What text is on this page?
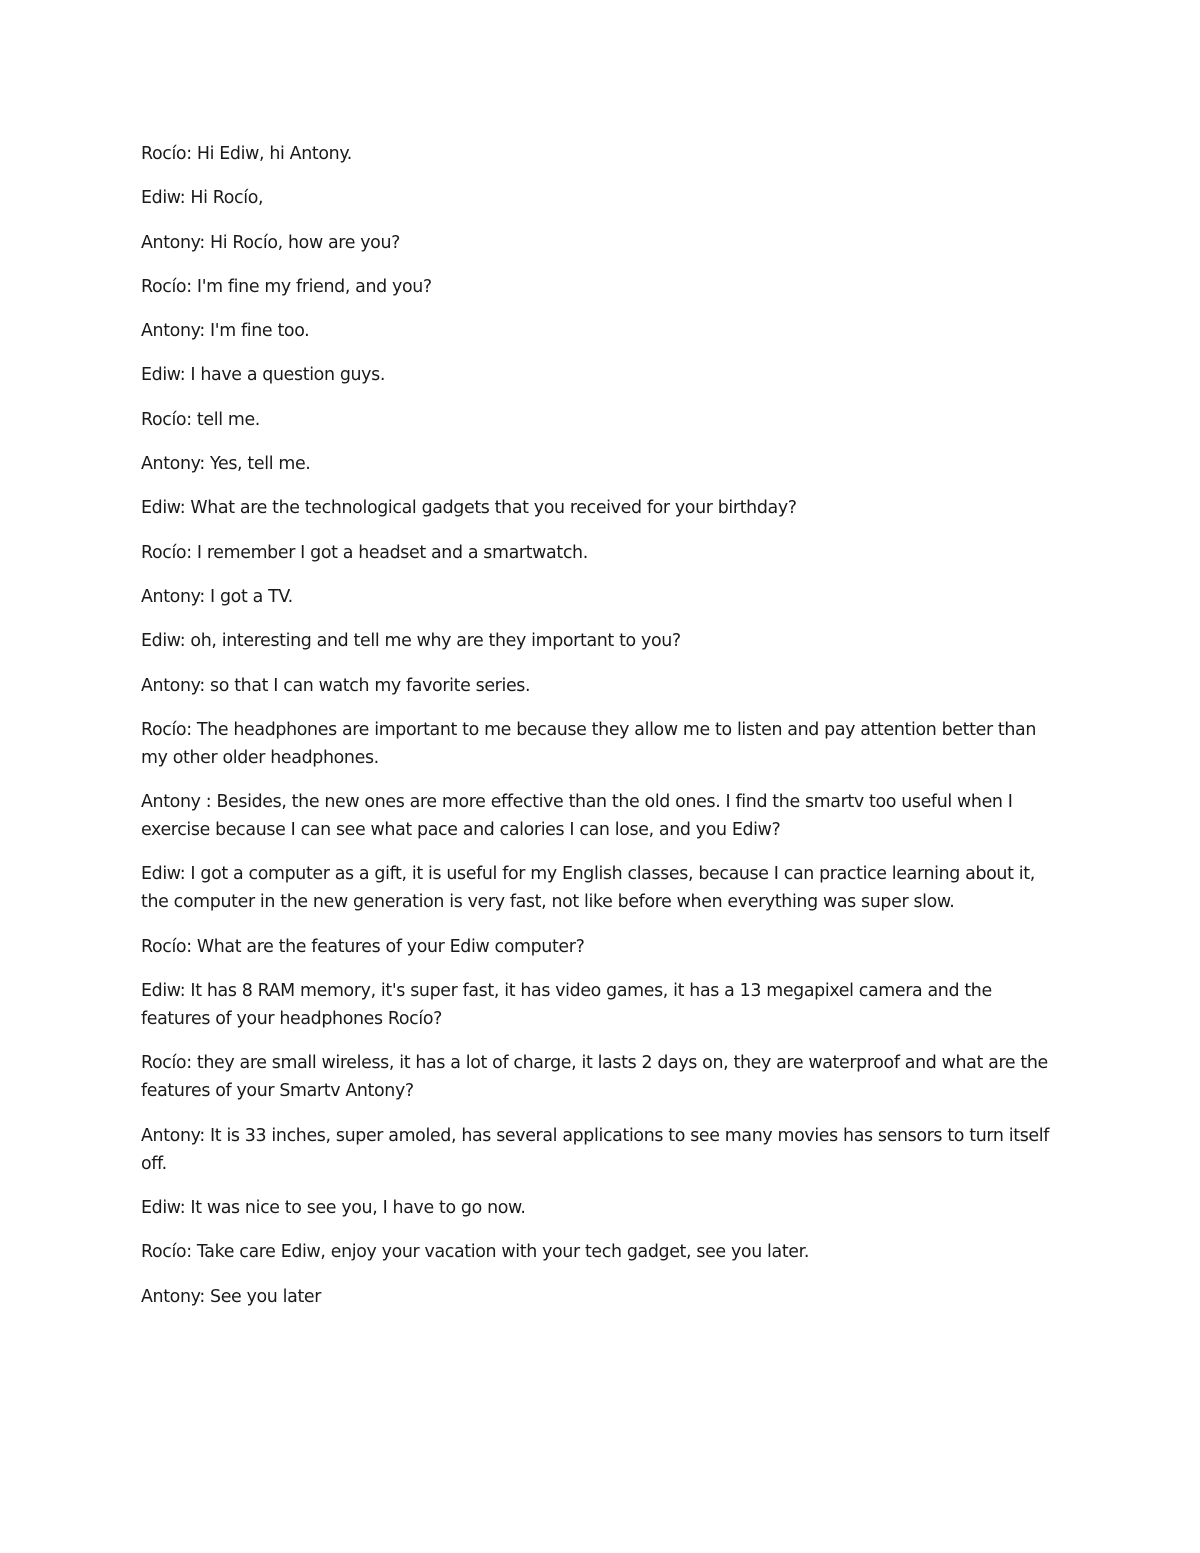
Rocío: Hi Ediw, hi Antony.

Ediw: Hi Rocío,

Antony: Hi Rocío, how are you?

Rocío: I'm fine my friend, and you?

Antony: I'm fine too.

Ediw: I have a question guys.

Rocío: tell me.

Antony: Yes, tell me.

Ediw: What are the technological gadgets that you received for your birthday?

Rocío: I remember I got a headset and a smartwatch.

Antony: I got a TV.

Ediw: oh, interesting and tell me why are they important to you?

Antony: so that I can watch my favorite series.

Rocío: The headphones are important to me because they allow me to listen and pay attention better than my other older headphones.

Antony : Besides, the new ones are more effective than the old ones. I find the smartv too useful when I exercise because I can see what pace and calories I can lose, and you Ediw?

Ediw: I got a computer as a gift, it is useful for my English classes, because I can practice learning about it, the computer in the new generation is very fast, not like before when everything was super slow.

Rocío: What are the features of your Ediw computer?

Ediw: It has 8 RAM memory, it's super fast, it has video games, it has a 13 megapixel camera and the features of your headphones Rocío?

Rocío: they are small wireless, it has a lot of charge, it lasts 2 days on, they are waterproof and what are the features of your Smartv Antony?

Antony: It is 33 inches, super amoled, has several applications to see many movies has sensors to turn itself off.

Ediw: It was nice to see you, I have to go now.

Rocío: Take care Ediw, enjoy your vacation with your tech gadget, see you later.

Antony: See you later
